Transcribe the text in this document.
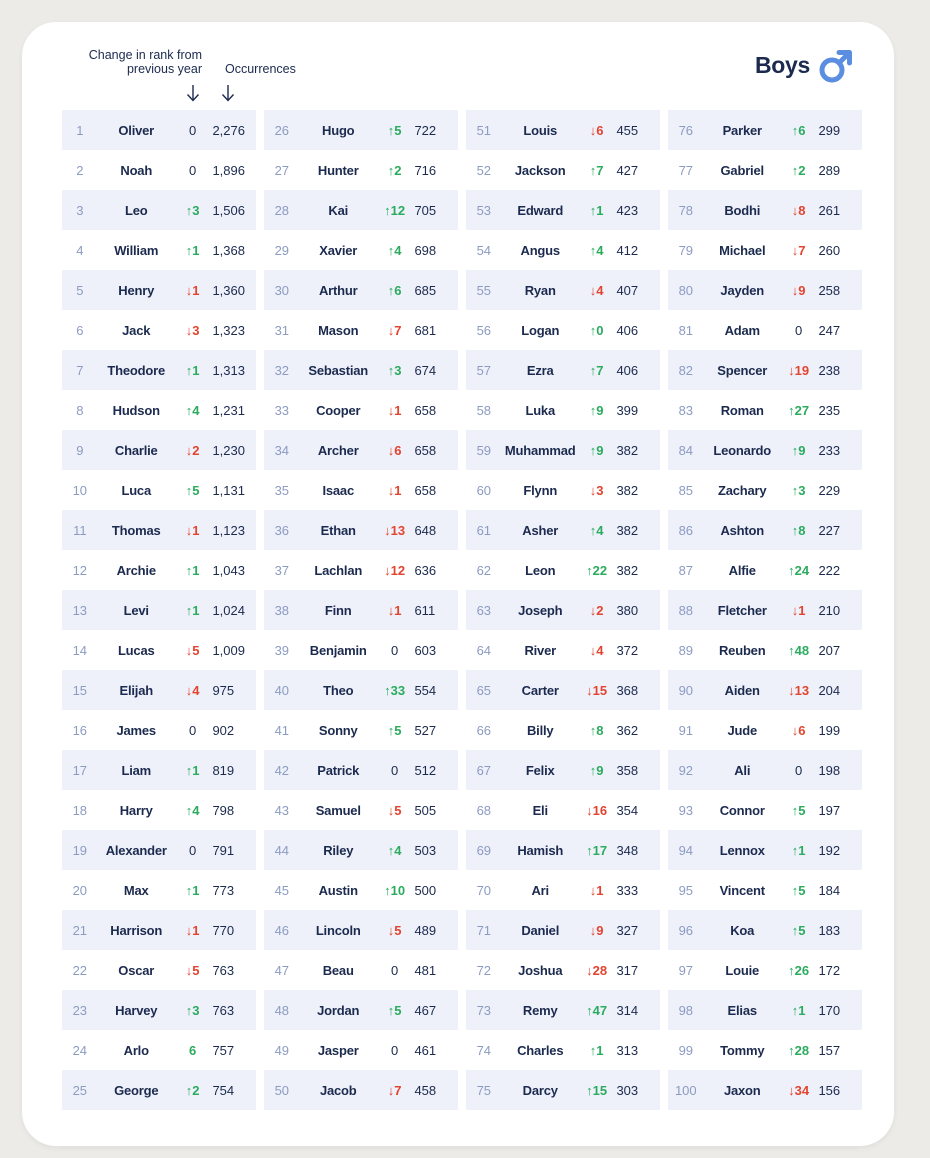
Change in rank from previous year Occurrences	Boys
1	Oliver	0	2,276
2	Noah	0	1,896
3	Leo	↑3 1,506
4	William	↑1 1,368
5	Henry	↓1 1,360
6	Jack	↓3 1,323
7	Theodore	↑1 1,313
8	Hudson	↑4 1,231
9	Charlie	↓2 1,230
10	Luca	↑5 1,131
11	Thomas	↓1 1,123
12	Archie	↑1 1,043
13	Levi	↑1 1,024
14	Lucas	↓5 1,009
15	Elijah	↓4 975
16	James	0	902
17	Liam	↑1 819
18	Harry	↑4 798
19	Alexander	0	791
20	Max	↑1 773
21	Harrison	↓1 770
22	Oscar	↓5 763
23	Harvey	↑3 763
24	Arlo	6	757
25	George	↑2 754
26	Hugo	↑5 722
27	Hunter	↑2 716
28	Kai	↑12 705
29	Xavier	↑4 698
30	Arthur	↑6 685
31	Mason	↓7 681
32	Sebastian	↑3 674
33	Cooper	↓1 658
34	Archer	↓6 658
35	Isaac	↓1 658
36	Ethan	↓13 648
37	Lachlan	↓12 636
38	Finn	↓1 611
39	Benjamin	0	603
40	Theo	↑33 554
41	Sonny	↑5 527
42	Patrick	0	512
43	Samuel	↓5 505
44	Riley	↑4 503
45	Austin	↑10 500
46	Lincoln	↓5 489
47	Beau	0	481
48	Jordan	↑5 467
49	Jasper	0	461
50	Jacob	↓7 458
51	Louis	↓6 455
52	Jackson	↑7 427
53	Edward	↑1 423
54	Angus	↑4 412
55	Ryan	↓4 407
56	Logan	↑0 406
57	Ezra	↑7 406
58	Luka	↑9 399
59	Muhammad	↑9 382
60	Flynn	↓3 382
61	Asher	↑4 382
62	Leon	↑22 382
63	Joseph	↓2 380
64	River	↓4 372
65	Carter	↓15 368
66	Billy	↑8 362
67	Felix	↑9 358
68	Eli	↓16 354
69	Hamish	↑17 348
70	Ari	↓1 333
71	Daniel	↓9 327
72	Joshua	↓28 317
73	Remy	↑47 314
74	Charles	↑1 313
75	Darcy	↑15 303
76	Parker	↑6 299
77	Gabriel	↑2 289
78	Bodhi	↓8 261
79	Michael	↓7 260
80	Jayden	↓9 258
81	Adam	0	247
82	Spencer	↓19 238
83	Roman	↑27 235
84	Leonardo	↑9 233
85	Zachary	↑3 229
86	Ashton	↑8 227
87	Alfie	↑24 222
88	Fletcher	↓1 210
89	Reuben	↑48 207
90	Aiden	↓13 204
91	Jude	↓6 199
92	Ali	0	198
93	Connor	↑5 197
94	Lennox	↑1 192
95	Vincent	↑5 184
96	Koa	↑5 183
97	Louie	↑26 172
98	Elias	↑1 170
99	Tommy	↑28 157
100	Jaxon	↓34 156
